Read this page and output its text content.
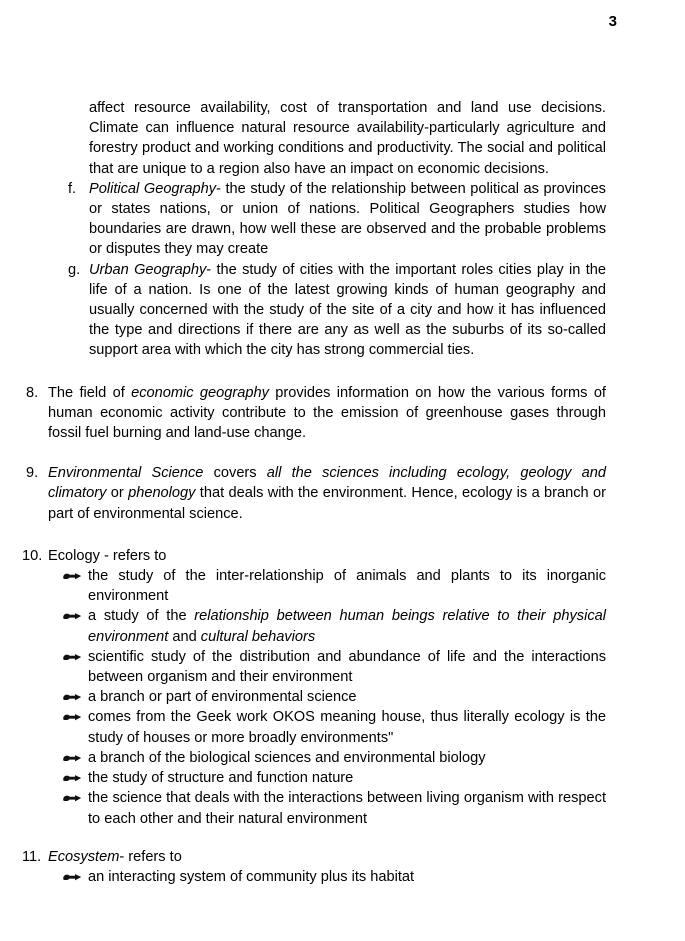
3
affect resource availability, cost of transportation and land use decisions. Climate can influence natural resource availability-particularly agriculture and forestry product and working conditions and productivity. The social and political that are unique to a region also have an impact on economic decisions.
f. Political Geography- the study of the relationship between political as provinces or states nations, or union of nations. Political Geographers studies how boundaries are drawn, how well these are observed and the probable problems or disputes they may create
g. Urban Geography- the study of cities with the important roles cities play in the life of a nation. Is one of the latest growing kinds of human geography and usually concerned with the study of the site of a city and how it has influenced the type and directions if there are any as well as the suburbs of its so-called support area with which the city has strong commercial ties.
8. The field of economic geography provides information on how the various forms of human economic activity contribute to the emission of greenhouse gases through fossil fuel burning and land-use change.
9. Environmental Science covers all the sciences including ecology, geology and climatory or phenology that deals with the environment. Hence, ecology is a branch or part of environmental science.
10. Ecology - refers to
the study of the inter-relationship of animals and plants to its inorganic environment
a study of the relationship between human beings relative to their physical environment and cultural behaviors
scientific study of the distribution and abundance of life and the interactions between organism and their environment
a branch or part of environmental science
comes from the Geek work OKOS meaning house, thus literally ecology is the study of houses or more broadly environments"
a branch of the biological sciences and environmental biology
the study of structure and function nature
the science that deals with the interactions between living organism with respect to each other and their natural environment
11. Ecosystem- refers to
an interacting system of community plus its habitat
